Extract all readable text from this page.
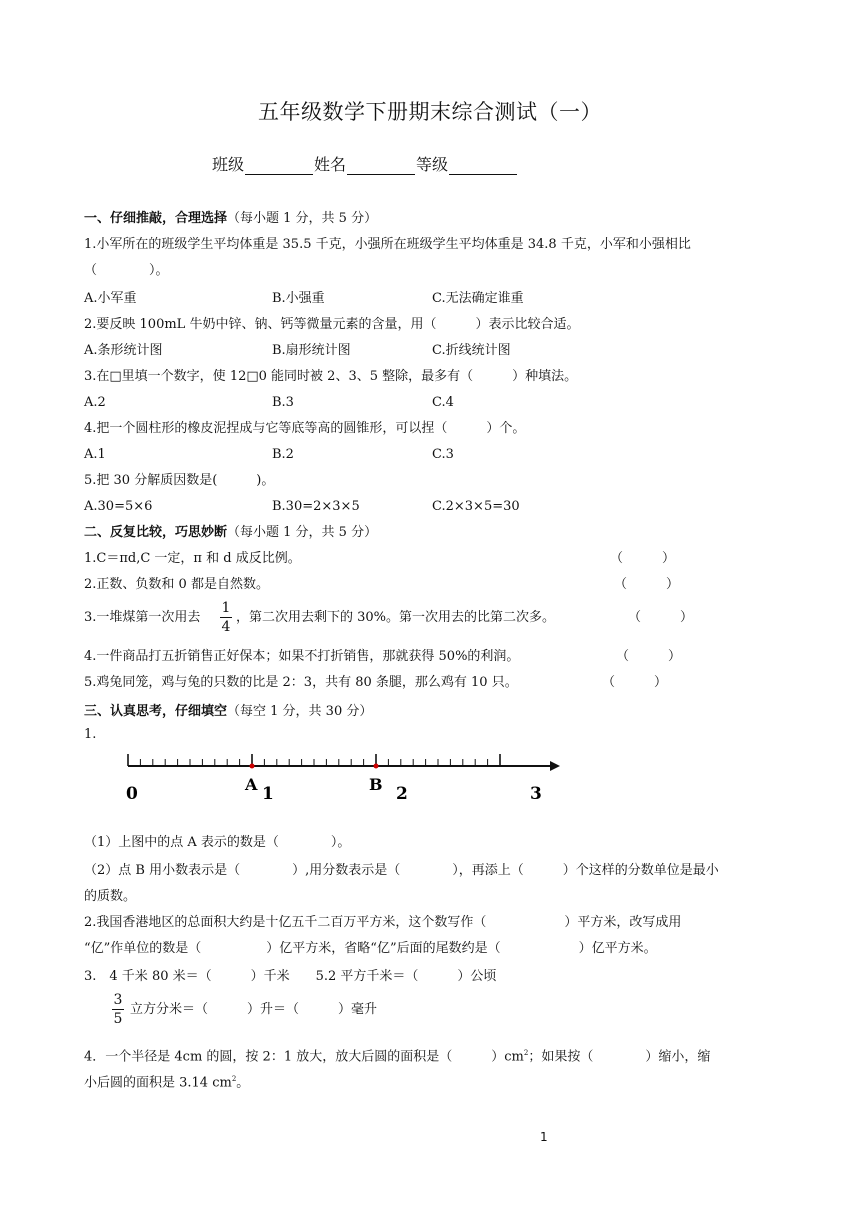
五年级数学下册期末综合测试（一）
班级	姓名	等级
一、仔细推敲，合理选择（每小题 1 分，共 5 分）
1.小军所在的班级学生平均体重是 35.5 千克，小强所在班级学生平均体重是 34.8 千克，小军和小强相比
（　　　　）。
A.小军重	B.小强重	C.无法确定谁重
2.要反映 100mL 牛奶中锌、钠、钙等微量元素的含量，用（　　　）表示比较合适。
A.条形统计图	B.扇形统计图	C.折线统计图
3.在□里填一个数字，使 12□0 能同时被 2、3、5 整除，最多有（　　　）种填法。
A.2	B.3	C.4
4.把一个圆柱形的橡皮泥捏成与它等底等高的圆锥形，可以捏（　　　）个。
A.1	B.2	C.3
5.把 30 分解质因数是(　　　)。
A.30=5×6	B.30=2×3×5	C.2×3×5=30
二、反复比较，巧思妙断（每小题 1 分，共 5 分）
1.C＝πd,C 一定，π 和 d 成反比例。	（　　　）
2.正数、负数和 0 都是自然数。	（　　　）
3.一堆煤第一次用去
1
4
，第二次用去剩下的 30%。第一次用去的比第二次多。	（　　　）
4.一件商品打五折销售正好保本；如果不打折销售，那就获得 50%的利润。	（　　　）
5.鸡兔同笼，鸡与兔的只数的比是 2：3，共有 80 条腿，那么鸡有 10 只。	（　　　）
三、认真思考，仔细填空（每空 1 分，共 30 分）
1.
0	1	2	3
A	B
（1）上图中的点 A 表示的数是（　　　　）。
（2）点 B 用小数表示是（　　　　）,用分数表示是（　　　　），再添上（　　　）个这样的分数单位是最小
的质数。
2.我国香港地区的总面积大约是十亿五千二百万平方米，这个数写作（　　　　　　）平方米，改写成用
“亿”作单位的数是（　　　　　）亿平方米，省略“亿”后面的尾数约是（　　　　　　）亿平方米。
3.　4 千米 80 米＝（　　　）千米　　5.2 平方千米＝（　　　）公顷
3
5
立方分米＝（　　　）升＝（　　　）毫升
4．一个半径是 4cm 的圆，按 2：1 放大，放大后圆的面积是（　　　）$cm^2$；如果按（　　　　）缩小，缩
小后圆的面积是 3.14 $cm^2$。
1
